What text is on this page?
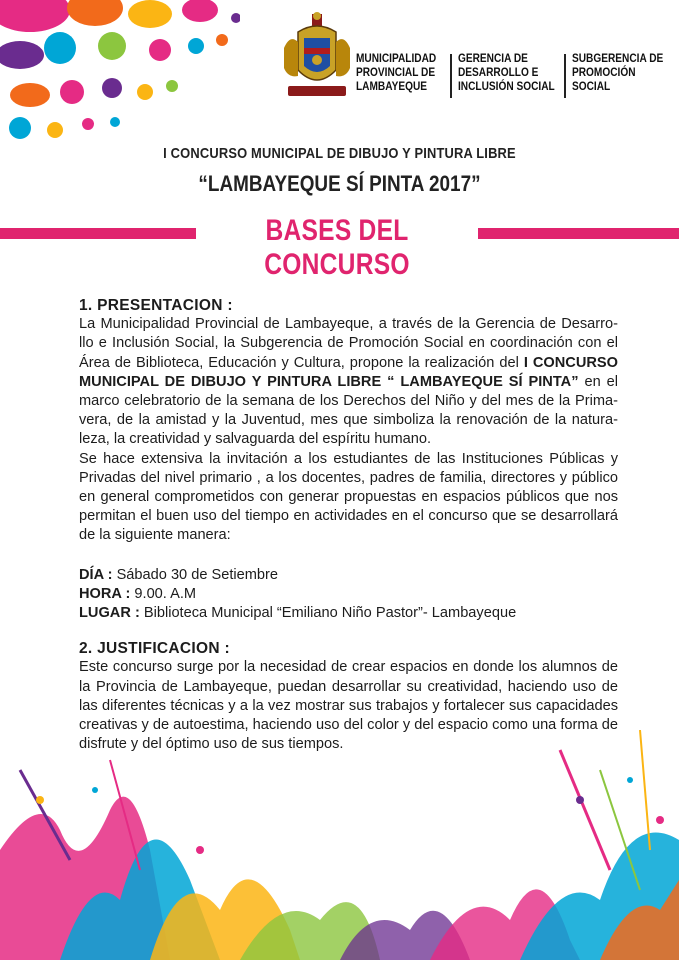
MUNICIPALIDAD
PROVINCIAL DE
LAMBAYEQUE
GERENCIA DE
DESARROLLO E
INCLUSIÓN SOCIAL
SUBGERENCIA DE
PROMOCIÓN
SOCIAL
I CONCURSO MUNICIPAL DE DIBUJO Y PINTURA LIBRE
“LAMBAYEQUE SÍ PINTA 2017”
BASES DEL CONCURSO

1. PRESENTACION :

La Municipalidad Provincial de Lambayeque, a través de la Gerencia de Desarro-llo e Inclusión Social, la Subgerencia de Promoción Social en coordinación con el Área de Biblioteca, Educación y Cultura, propone la realización del I CONCURSO MUNICIPAL DE DIBUJO Y PINTURA LIBRE “ LAMBAYEQUE SÍ PINTA” en el marco celebratorio de la semana de los Derechos del Niño y del mes de la Prima-vera, de la amistad y la Juventud, mes que simboliza la renovación de la natura-leza, la creatividad y salvaguarda del espíritu humano.

Se hace extensiva la invitación a los estudiantes de las Instituciones Públicas y Privadas del nivel primario , a los docentes, padres de familia, directores y público en general comprometidos con generar propuestas en espacios públicos que nos permitan el buen uso del tiempo en actividades en el concurso que se desarrollará de la siguiente manera:

DÍA : Sábado 30 de Setiembre

HORA : 9.00. A.M

LUGAR : Biblioteca Municipal “Emiliano Niño Pastor”- Lambayeque

2. JUSTIFICACION :

Este concurso surge por la necesidad de crear espacios en donde los alumnos de la Provincia de Lambayeque, puedan desarrollar su creatividad, haciendo uso de las diferentes técnicas y a la vez mostrar sus trabajos y fortalecer sus capacidades creativas y de autoestima, haciendo uso del color y del espacio como una forma de disfrute y del óptimo uso de sus tiempos.
